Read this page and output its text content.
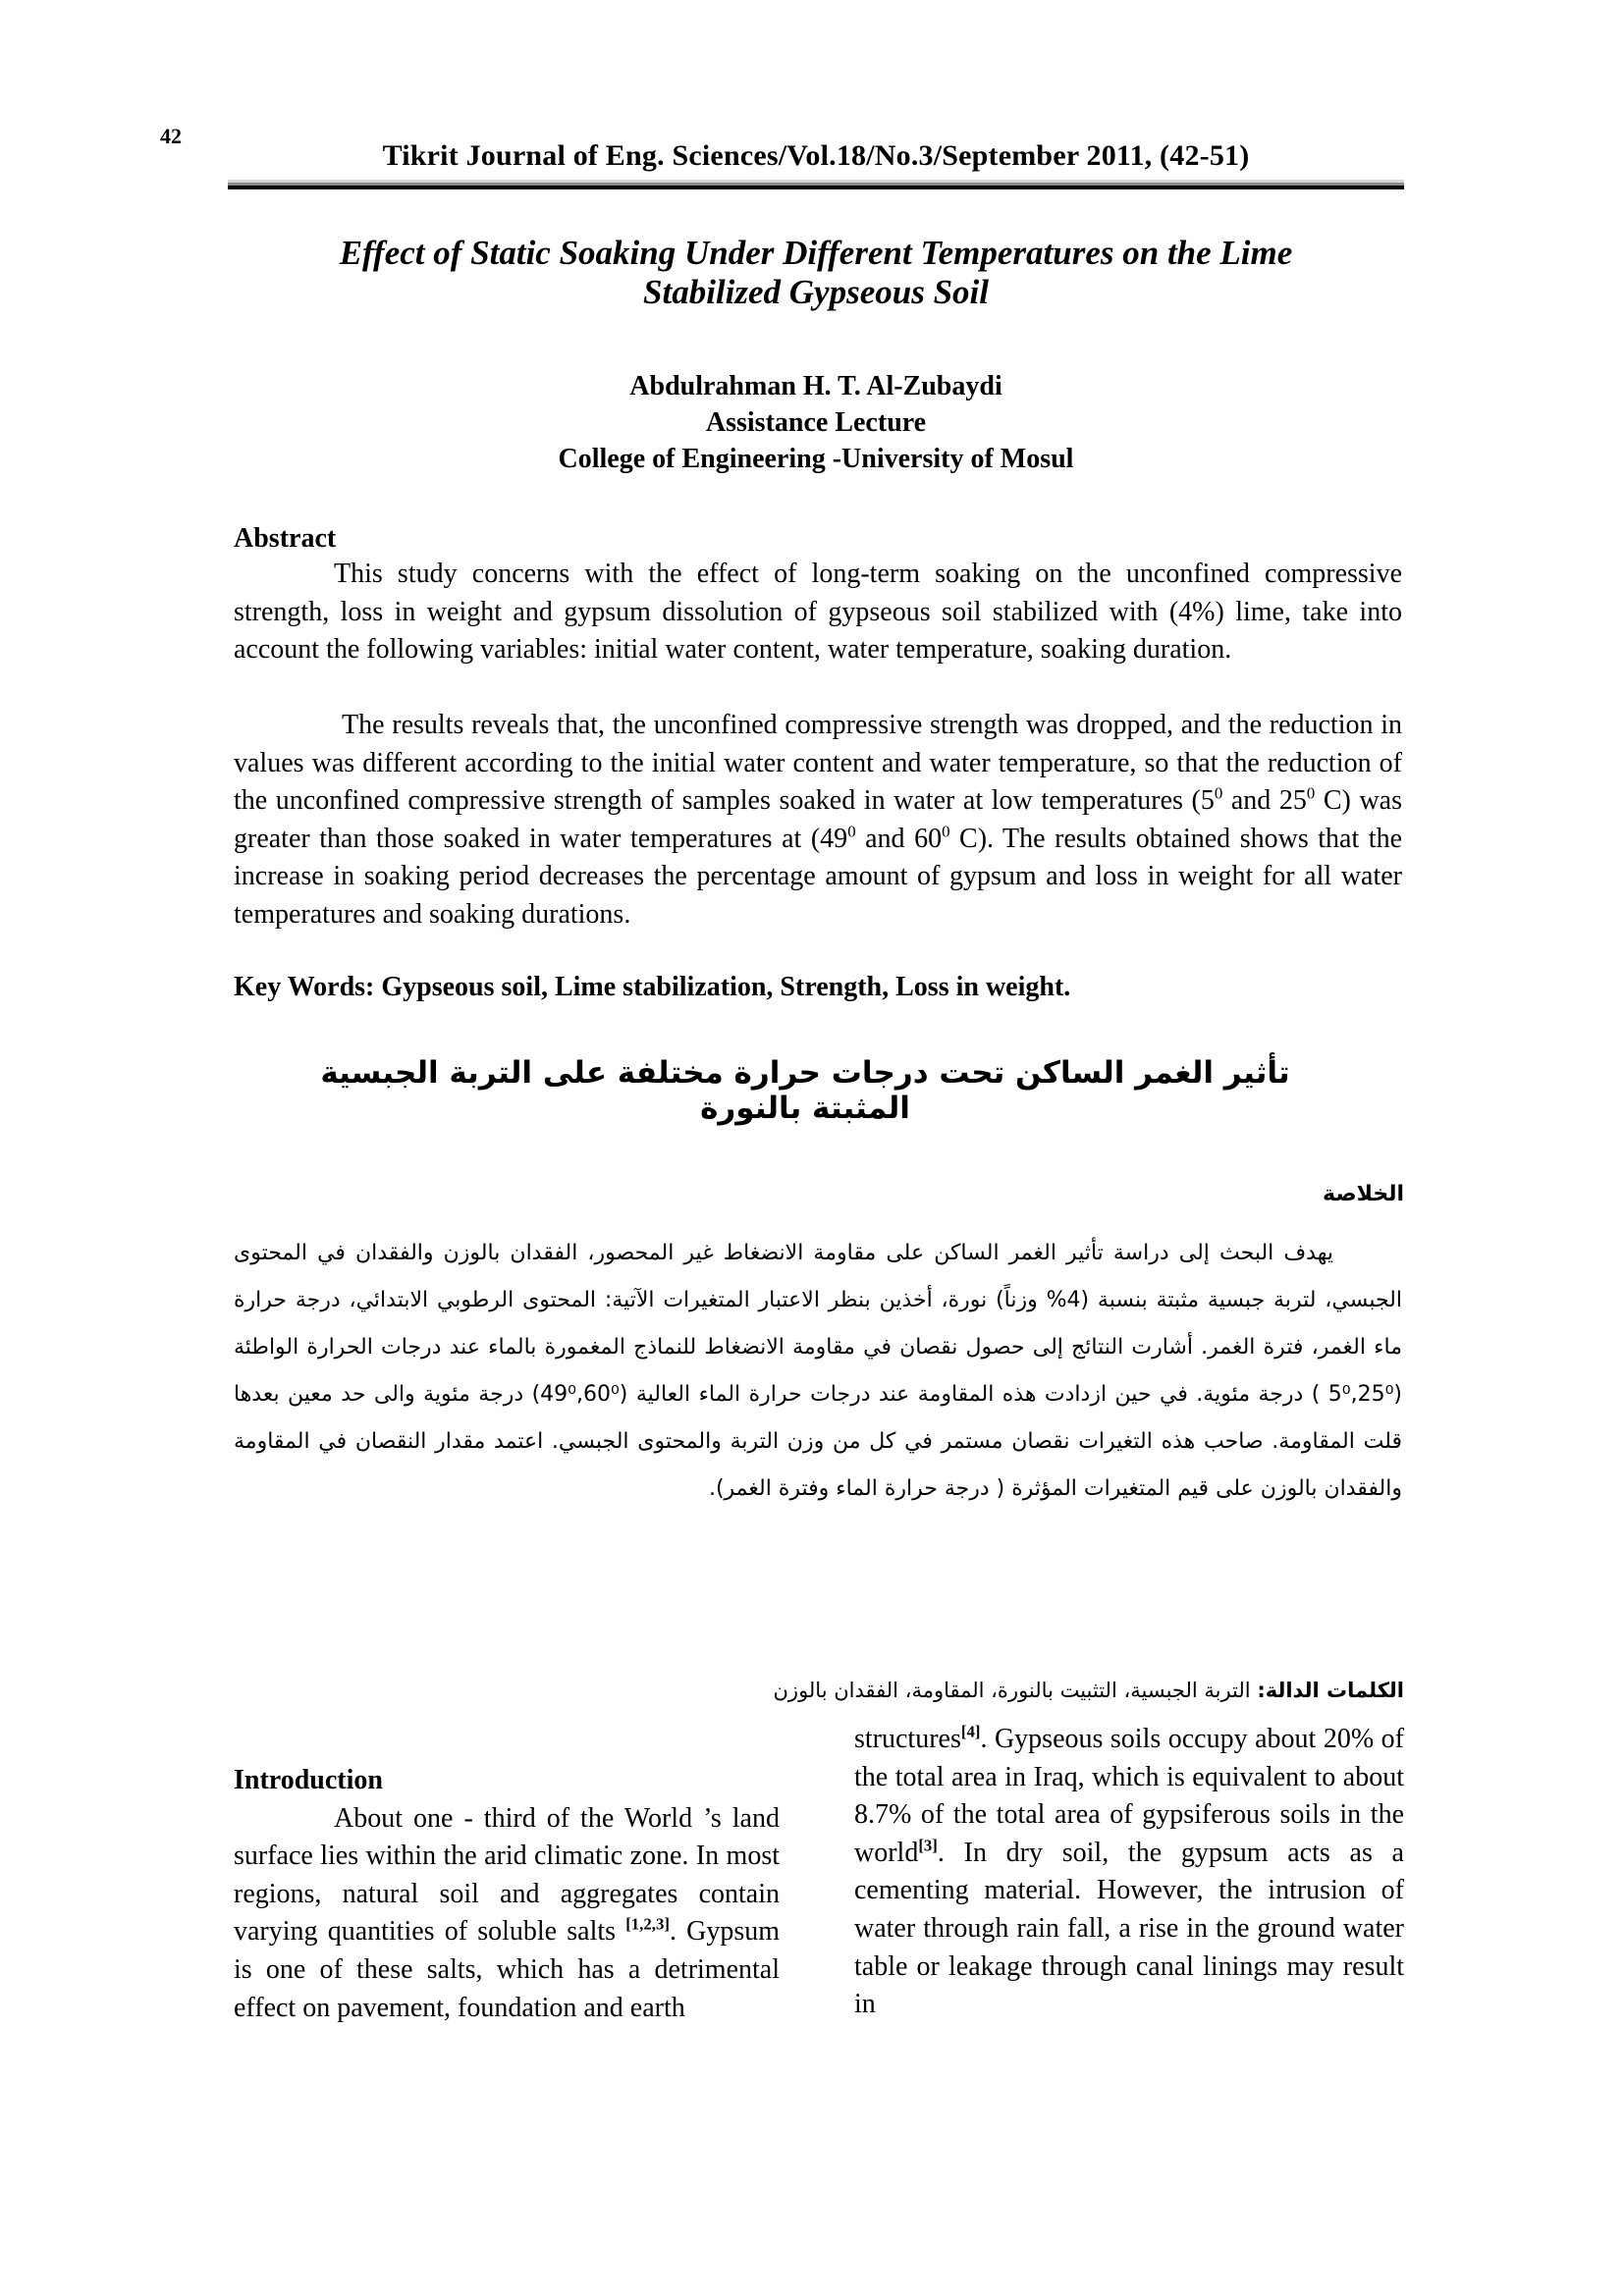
42
Tikrit Journal of Eng. Sciences/Vol.18/No.3/September 2011, (42-51)
Effect of Static Soaking Under Different Temperatures on the Lime
Stabilized Gypseous Soil
Abdulrahman H. T. Al-Zubaydi
Assistance Lecture
College of Engineering -University of Mosul
Abstract
This study concerns with the effect of long-term soaking on the unconfined compressive strength, loss in weight and gypsum dissolution of gypseous soil stabilized with (4%) lime, take into account the following variables: initial water content, water temperature, soaking duration.
The results reveals that, the unconfined compressive strength was dropped, and the reduction in values was different according to the initial water content and water temperature, so that the reduction of the unconfined compressive strength of samples soaked in water at low temperatures ($5^0$ and $25^0$ C) was greater than those soaked in water temperatures at ($49^0$ and $60^0$ C). The results obtained shows that the increase in soaking period decreases the percentage amount of gypsum and loss in weight for all water temperatures and soaking durations.
Key Words: Gypseous soil, Lime stabilization, Strength, Loss in weight.
تأثير الغمر الساكن تحت درجات حرارة مختلفة على التربة الجبسية المثبتة بالنورة
الخلاصة
يهدف البحث إلى دراسة تأثير الغمر الساكن على مقاومة الانضغاط غير المحصور، الفقدان بالوزن والفقدان في المحتوى الجبسي، لتربة جبسية مثبتة بنسبة (4% وزناً) نورة، أخذين بنظر الاعتبار المتغيرات الآتية: المحتوى الرطوبي الابتدائي، درجة حرارة ماء الغمر، فترة الغمر. أشارت النتائج إلى حصول نقصان في مقاومة الانضغاط للنماذج المغمورة بالماء عند درجات الحرارة الواطئة (5⁰,25⁰ ) درجة مئوية. في حين ازدادت هذه المقاومة عند درجات حرارة الماء العالية (49⁰,60⁰) درجة مئوية والى حد معين بعدها قلت المقاومة. صاحب هذه التغيرات نقصان مستمر في كل من وزن التربة والمحتوى الجبسي. اعتمد مقدار النقصان في المقاومة والفقدان بالوزن على قيم المتغيرات المؤثرة ( درجة حرارة الماء وفترة الغمر).
الكلمات الدالة: التربة الجبسية، التثبيت بالنورة، المقاومة، الفقدان بالوزن
Introduction
About one - third of the World ’s land surface lies within the arid climatic zone. In most regions, natural soil and aggregates contain varying quantities of soluble salts [1,2,3]. Gypsum is one of these salts, which has a detrimental effect on pavement, foundation and earth
structures[4]. Gypseous soils occupy about 20% of the total area in Iraq, which is equivalent to about 8.7% of the total area of gypsiferous soils in the world[3]. In dry soil, the gypsum acts as a cementing material. However, the intrusion of water through rain fall, a rise in the ground water table or leakage through canal linings may result in
